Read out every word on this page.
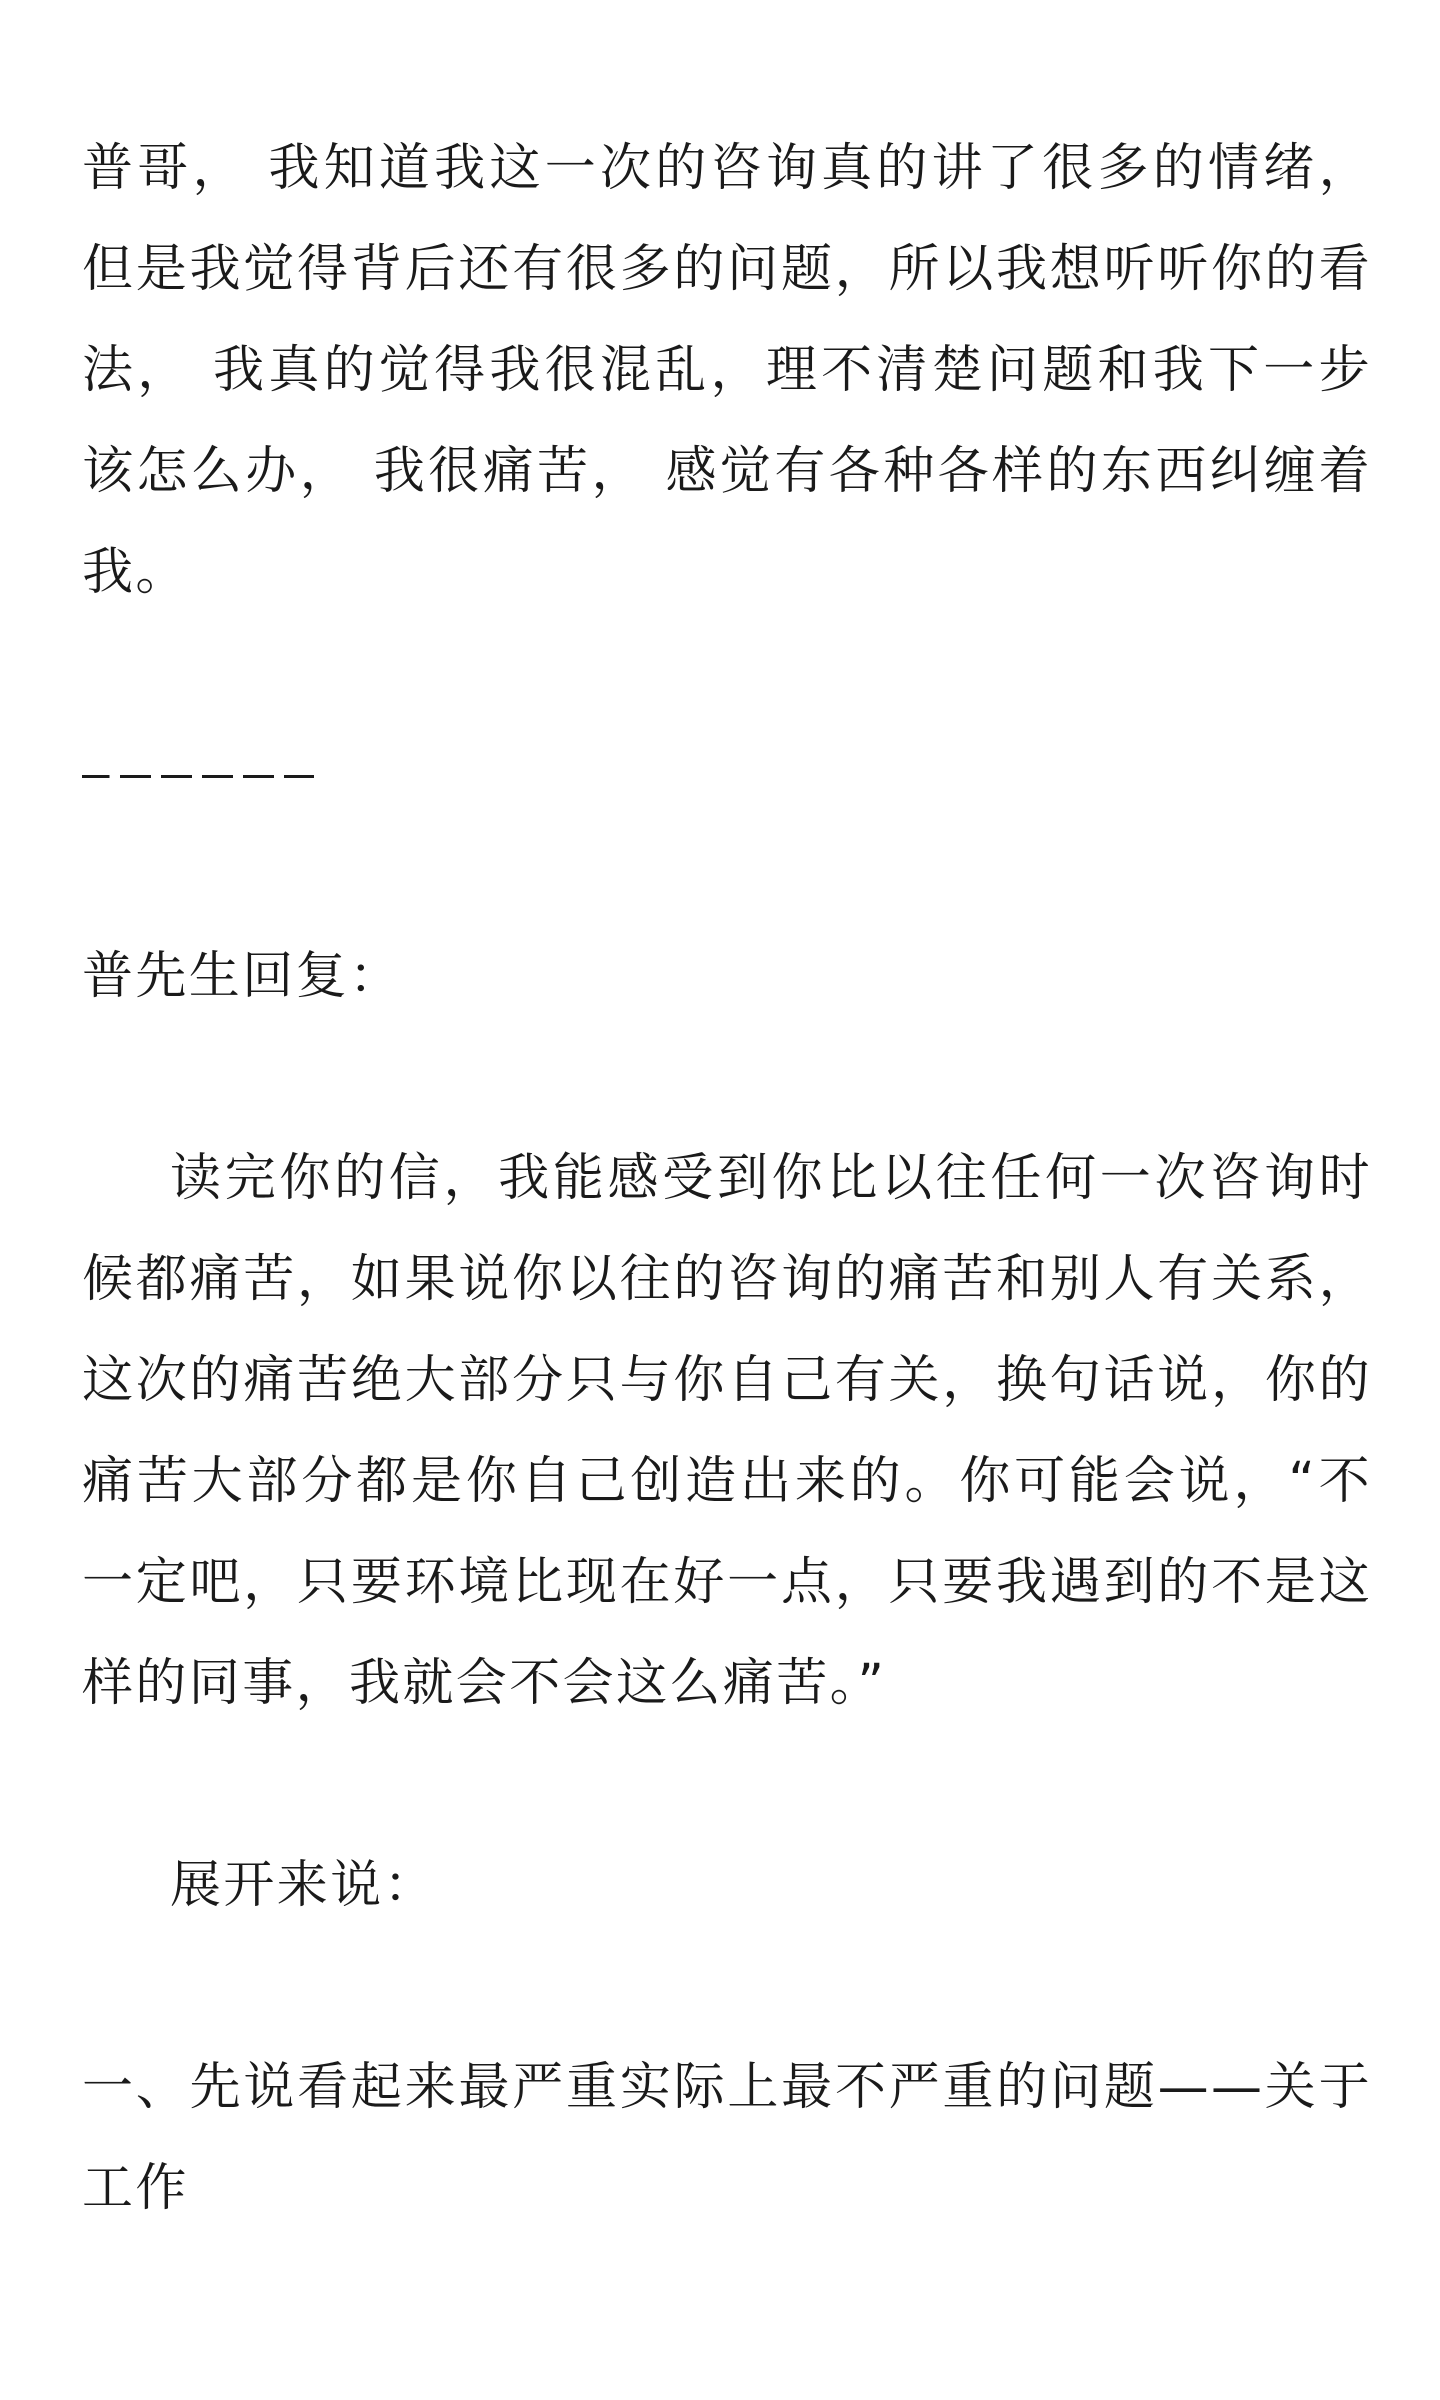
普哥， 我知道我这一次的咨询真的讲了很多的情绪，但是我觉得背后还有很多的问题，所以我想听听你的看法， 我真的觉得我很混乱，理不清楚问题和我下一步该怎么办， 我很痛苦， 感觉有各种各样的东西纠缠着我。

普先生回复：

读完你的信，我能感受到你比以往任何一次咨询时候都痛苦，如果说你以往的咨询的痛苦和别人有关系，这次的痛苦绝大部分只与你自己有关，换句话说，你的痛苦大部分都是你自己创造出来的。你可能会说，“不一定吧，只要环境比现在好一点，只要我遇到的不是这样的同事，我就会不会这么痛苦。”

展开来说：

一、先说看起来最严重实际上最不严重的问题——关于工作
